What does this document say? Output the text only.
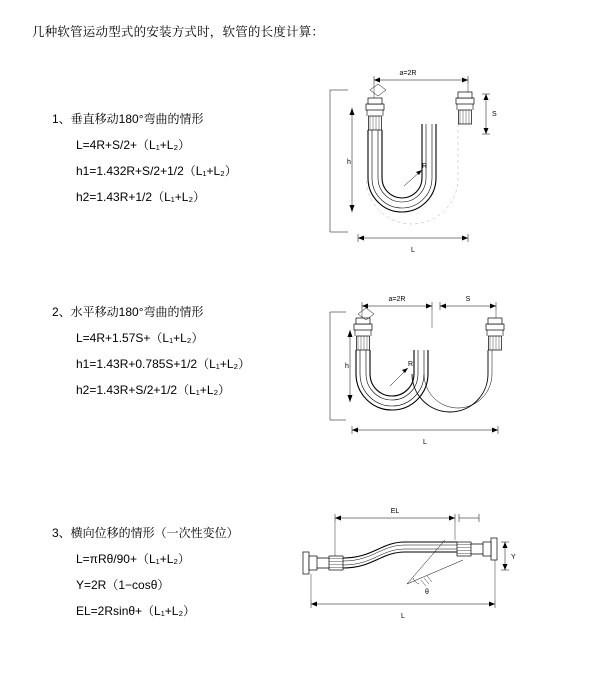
几种软管运动型式的安装方式时，软管的长度计算：
1、垂直移动180°弯曲的情形
L=4R+S/2+（L₁+L₂）
h1=1.432R+S/2+1/2（L₁+L₂）
h2=1.43R+1/2（L₁+L₂）
a=2R
S
h
R
L
2、水平移动180°弯曲的情形
L=4R+1.57S+（L₁+L₂）
h1=1.43R+0.785S+1/2（L₁+L₂）
h2=1.43R+S/2+1/2（L₁+L₂）
a=2R	S
h	R
L
3、横向位移的情形（一次性变位）
L=πRθ/90+（L₁+L₂）
Y=2R（1−cosθ）
EL=2Rsinθ+（L₁+L₂）
EL
Y
θ
L
